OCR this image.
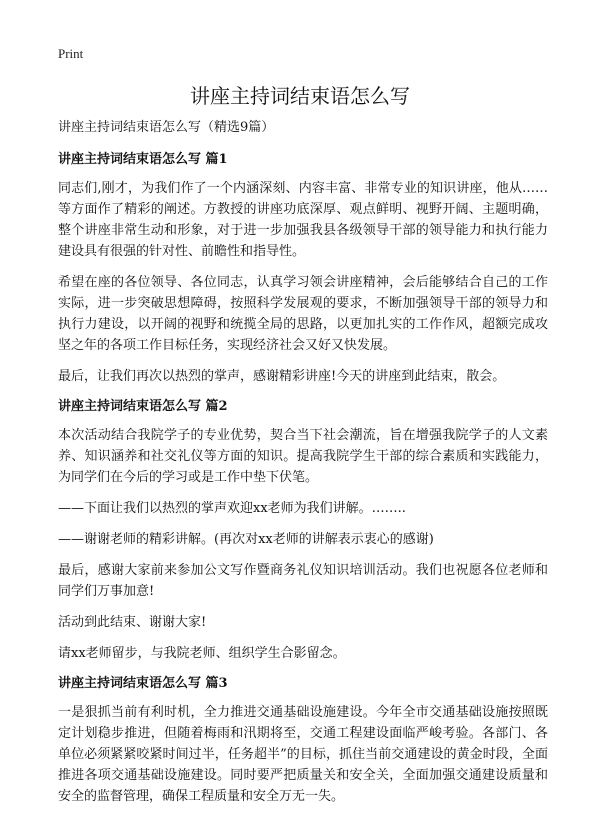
Print
讲座主持词结束语怎么写

讲座主持词结束语怎么写（精选9篇）

讲座主持词结束语怎么写 篇1

同志们,刚才，为我们作了一个内涵深刻、内容丰富、非常专业的知识讲座，他从……等方面作了精彩的阐述。方教授的讲座功底深厚、观点鲜明、视野开阔、主题明确，整个讲座非常生动和形象，对于进一步加强我县各级领导干部的领导能力和执行能力建设具有很强的针对性、前瞻性和指导性。

希望在座的各位领导、各位同志，认真学习领会讲座精神，会后能够结合自己的工作实际，进一步突破思想障碍，按照科学发展观的要求，不断加强领导干部的领导力和执行力建设，以开阔的视野和统揽全局的思路，以更加扎实的工作作风，超额完成攻坚之年的各项工作目标任务，实现经济社会又好又快发展。

最后，让我们再次以热烈的掌声，感谢精彩讲座!今天的讲座到此结束，散会。

讲座主持词结束语怎么写 篇2

本次活动结合我院学子的专业优势，契合当下社会潮流，旨在增强我院学子的人文素养、知识涵养和社交礼仪等方面的知识。提高我院学生干部的综合素质和实践能力，为同学们在今后的学习或是工作中垫下伏笔。

——下面让我们以热烈的掌声欢迎xx老师为我们讲解。……..

——谢谢老师的精彩讲解。(再次对xx老师的讲解表示衷心的感谢)

最后，感谢大家前来参加公文写作暨商务礼仪知识培训活动。我们也祝愿各位老师和同学们万事加意!

活动到此结束、谢谢大家!

请xx老师留步，与我院老师、组织学生合影留念。

讲座主持词结束语怎么写 篇3

一是狠抓当前有利时机，全力推进交通基础设施建设。今年全市交通基础设施按照既定计划稳步推进，但随着梅雨和汛期将至，交通工程建设面临严峻考验。各部门、各单位必须紧紧咬紧时间过半，任务超半”的目标，抓住当前交通建设的黄金时段，全面推进各项交通基础设施建设。同时要严把质量关和安全关，全面加强交通建设质量和安全的监督管理，确保工程质量和安全万无一失。
